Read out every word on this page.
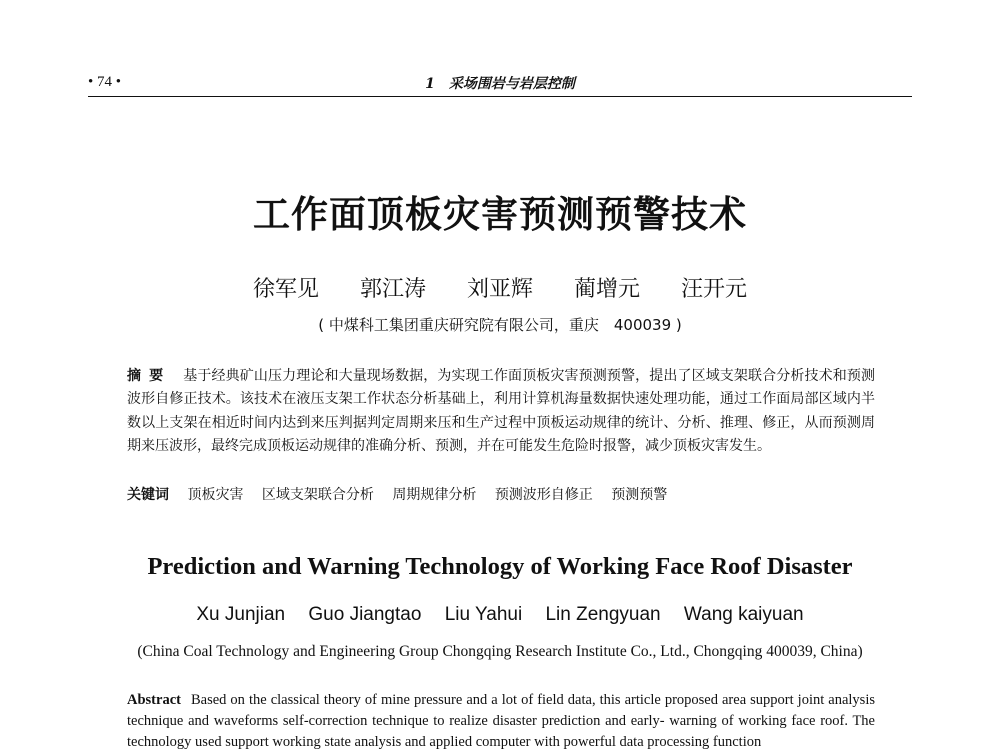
• 74 •	1　采场围岩与岩层控制
工作面顶板灾害预测预警技术
徐军见 郭江涛 刘亚辉 蔺增元 汪开元
( 中煤科工集团重庆研究院有限公司，重庆　400039 )
摘要 基于经典矿山压力理论和大量现场数据，为实现工作面顶板灾害预测预警，提出了区域支架联合分析技术和预测波形自修正技术。该技术在液压支架工作状态分析基础上，利用计算机海量数据快速处理功能，通过工作面局部区域内半数以上支架在相近时间内达到来压判据判定周期来压和生产过程中顶板运动规律的统计、分析、推理、修正，从而预测周期来压波形，最终完成顶板运动规律的准确分析、预测，并在可能发生危险时报警，减少顶板灾害发生。
关键词 顶板灾害 区域支架联合分析 周期规律分析 预测波形自修正 预测预警
Prediction and Warning Technology of Working Face Roof Disaster
Xu Junjian Guo Jiangtao Liu Yahui Lin Zengyuan Wang kaiyuan
(China Coal Technology and Engineering Group Chongqing Research Institute Co., Ltd., Chongqing 400039, China)
Abstract Based on the classical theory of mine pressure and a lot of field data, this article proposed area support joint analysis technique and waveforms self-correction technique to realize disaster prediction and early- warning of working face roof. The technology used support working state analysis and applied computer with powerful data processing function
